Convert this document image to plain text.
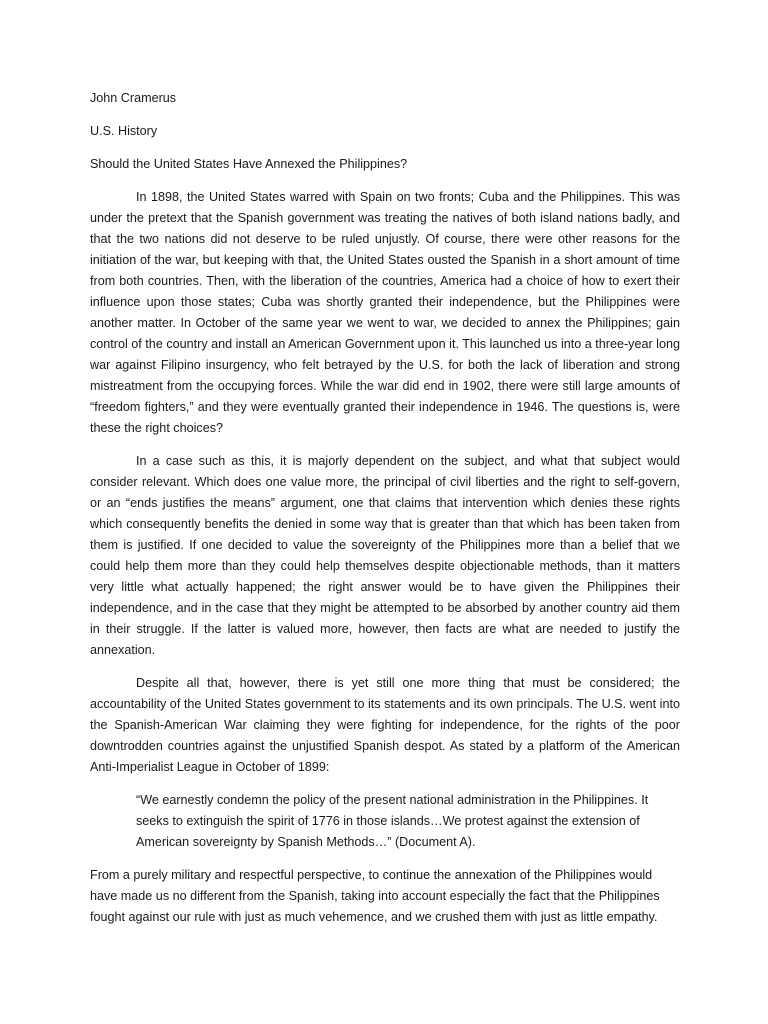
John Cramerus

U.S. History

Should the United States Have Annexed the Philippines?

In 1898, the United States warred with Spain on two fronts; Cuba and the Philippines. This was under the pretext that the Spanish government was treating the natives of both island nations badly, and that the two nations did not deserve to be ruled unjustly. Of course, there were other reasons for the initiation of the war, but keeping with that, the United States ousted the Spanish in a short amount of time from both countries. Then, with the liberation of the countries, America had a choice of how to exert their influence upon those states; Cuba was shortly granted their independence, but the Philippines were another matter. In October of the same year we went to war, we decided to annex the Philippines; gain control of the country and install an American Government upon it. This launched us into a three-year long war against Filipino insurgency, who felt betrayed by the U.S. for both the lack of liberation and strong mistreatment from the occupying forces. While the war did end in 1902, there were still large amounts of “freedom fighters,” and they were eventually granted their independence in 1946. The questions is, were these the right choices?

In a case such as this, it is majorly dependent on the subject, and what that subject would consider relevant. Which does one value more, the principal of civil liberties and the right to self-govern, or an “ends justifies the means” argument, one that claims that intervention which denies these rights which consequently benefits the denied in some way that is greater than that which has been taken from them is justified. If one decided to value the sovereignty of the Philippines more than a belief that we could help them more than they could help themselves despite objectionable methods, than it matters very little what actually happened; the right answer would be to have given the Philippines their independence, and in the case that they might be attempted to be absorbed by another country aid them in their struggle. If the latter is valued more, however, then facts are what are needed to justify the annexation.

Despite all that, however, there is yet still one more thing that must be considered; the accountability of the United States government to its statements and its own principals. The U.S. went into the Spanish-American War claiming they were fighting for independence, for the rights of the poor downtrodden countries against the unjustified Spanish despot. As stated by a platform of the American Anti-Imperialist League in October of 1899:

“We earnestly condemn the policy of the present national administration in the Philippines. It seeks to extinguish the spirit of 1776 in those islands…We protest against the extension of American sovereignty by Spanish Methods…” (Document A).

From a purely military and respectful perspective, to continue the annexation of the Philippines would have made us no different from the Spanish, taking into account especially the fact that the Philippines fought against our rule with just as much vehemence, and we crushed them with just as little empathy.
